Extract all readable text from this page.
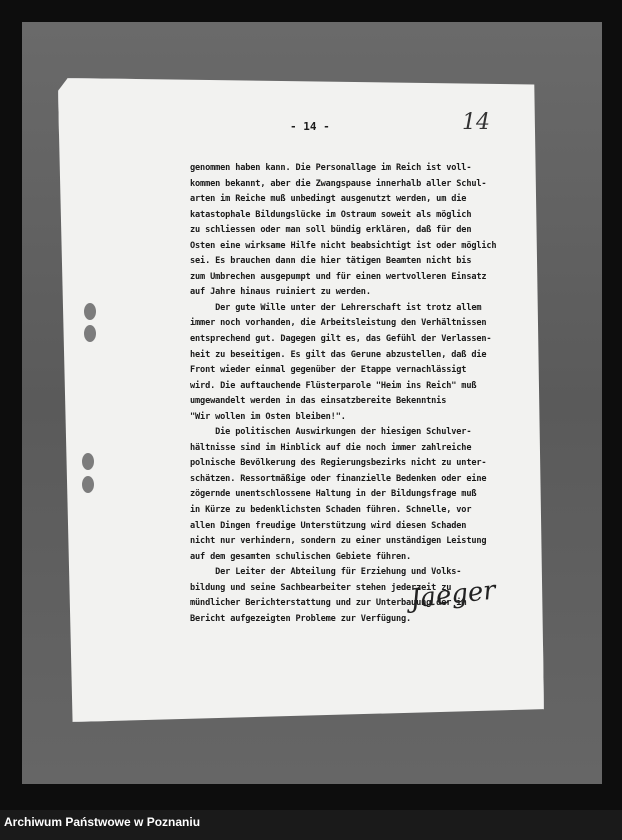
- 14 -	14
genommen haben kann. Die Personallage im Reich ist voll-
kommen bekannt, aber die Zwangspause innerhalb aller Schul-
arten im Reiche muß unbedingt ausgenutzt werden, um die
katastophale Bildungslücke im Ostraum soweit als möglich
zu schliessen oder man soll bündig erklären, daß für den
Osten eine wirksame Hilfe nicht beabsichtigt ist oder möglich
sei. Es brauchen dann die hier tätigen Beamten nicht bis
zum Umbrechen ausgepumpt und für einen wertvolleren Einsatz
auf Jahre hinaus ruiniert zu werden.
Der gute Wille unter der Lehrerschaft ist trotz allem
immer noch vorhanden, die Arbeitsleistung den Verhältnissen
entsprechend gut. Dagegen gilt es, das Gefühl der Verlassen-
heit zu beseitigen. Es gilt das Gerune abzustellen, daß die
Front wieder einmal gegenüber der Etappe vernachlässigt
wird. Die auftauchende Flüsterparole "Heim ins Reich" muß
umgewandelt werden in das einsatzbereite Bekenntnis
"Wir wollen im Osten bleiben!".
Die politischen Auswirkungen der hiesigen Schulver-
hältnisse sind im Hinblick auf die noch immer zahlreiche
polnische Bevölkerung des Regierungsbezirks nicht zu unter-
schätzen. Ressortmäßige oder finanzielle Bedenken oder eine
zögernde unentschlossene Haltung in der Bildungsfrage muß
in Kürze zu bedenklichsten Schaden führen. Schnelle, vor
allen Dingen freudige Unterstützung wird diesen Schaden
nicht nur verhindern, sondern zu einer unständigen Leistung
auf dem gesamten schulischen Gebiete führen.
Der Leiter der Abteilung für Erziehung und Volks-
bildung und seine Sachbearbeiter stehen jederzeit zu
mündlicher Berichterstattung und zur Unterbauung der im
Bericht aufgezeigten Probleme zur Verfügung.
Jaeger
Archiwum Państwowe w Poznaniu
